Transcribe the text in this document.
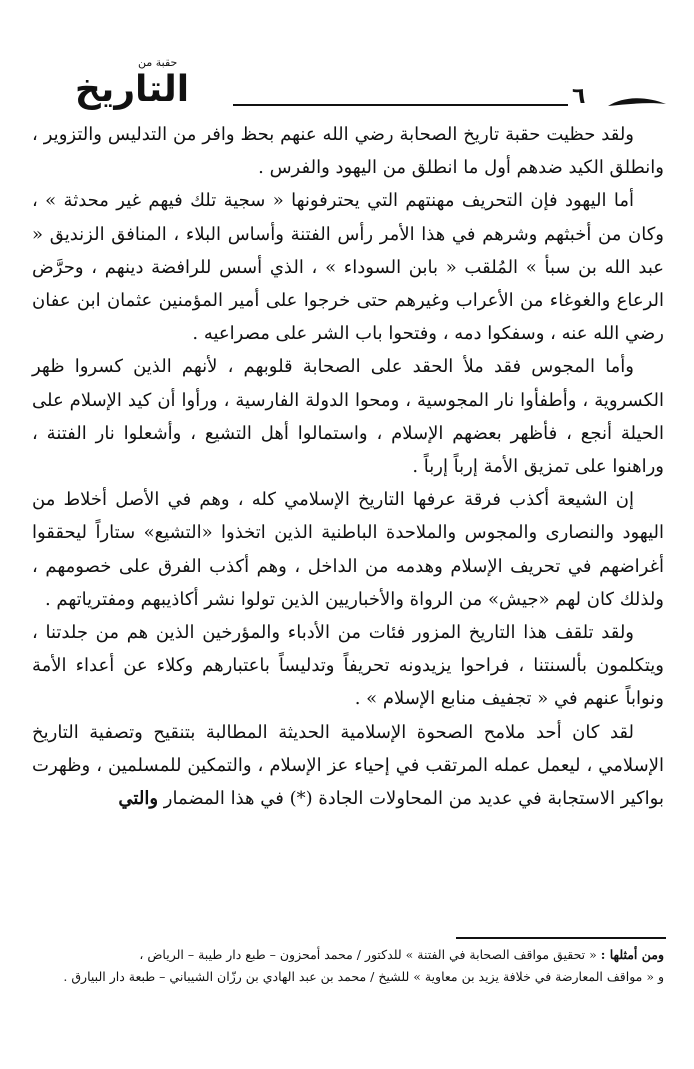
حقبة من
التاريخ	٦

ولقد حظيت حقبة تاريخ الصحابة رضي الله عنهم بحظ وافر من التدليس والتزوير ، وانطلق الكيد ضدهم أول ما انطلق من اليهود والفرس .

أما اليهود فإن التحريف مهنتهم التي يحترفونها « سجية تلك فيهم غير محدثة » ، وكان من أخبثهم وشرهم في هذا الأمر رأس الفتنة وأساس البلاء ، المنافق الزنديق « عبد الله بن سبأ » المُلقب « بابن السوداء » ، الذي أسس للرافضة دينهم ، وحرَّض الرعاع والغوغاء من الأعراب وغيرهم حتى خرجوا على أمير المؤمنين عثمان ابن عفان رضي الله عنه ، وسفكوا دمه ، وفتحوا باب الشر على مصراعيه .

وأما المجوس فقد ملأ الحقد على الصحابة قلوبهم ، لأنهم الذين كسروا ظهر الكسروية ، وأطفأوا نار المجوسية ، ومحوا الدولة الفارسية ، ورأوا أن كيد الإسلام على الحيلة أنجع ، فأظهر بعضهم الإسلام ، واستمالوا أهل التشيع ، وأشعلوا نار الفتنة ، وراهنوا على تمزيق الأمة إرباً إرباً .

إن الشيعة أكذب فرقة عرفها التاريخ الإسلامي كله ، وهم في الأصل أخلاط من اليهود والنصارى والمجوس والملاحدة الباطنية الذين اتخذوا «التشيع» ستاراً ليحققوا أغراضهم في تحريف الإسلام وهدمه من الداخل ، وهم أكذب الفرق على خصومهم ، ولذلك كان لهم «جيش» من الرواة والأخباريين الذين تولوا نشر أكاذيبهم ومفترياتهم .

ولقد تلقف هذا التاريخ المزور فئات من الأدباء والمؤرخين الذين هم من جلدتنا ، ويتكلمون بألسنتنا ، فراحوا يزيدونه تحريفاً وتدليساً باعتبارهم وكلاء عن أعداء الأمة ونواباً عنهم في « تجفيف منابع الإسلام » .

لقد كان أحد ملامح الصحوة الإسلامية الحديثة المطالبة بتنقيح وتصفية التاريخ الإسلامي ، ليعمل عمله المرتقب في إحياء عز الإسلام ، والتمكين للمسلمين ، وظهرت بواكير الاستجابة في عديد من المحاولات الجادة (*) في هذا المضمار والتي

ومن أمثلها : « تحقيق مواقف الصحابة في الفتنة » للدكتور / محمد أمحزون – طبع دار طيبة – الرياض ،

و « مواقف المعارضة في خلافة يزيد بن معاوية » للشيخ / محمد بن عبد الهادي بن رزّان الشيباني – طبعة دار البيارق .
